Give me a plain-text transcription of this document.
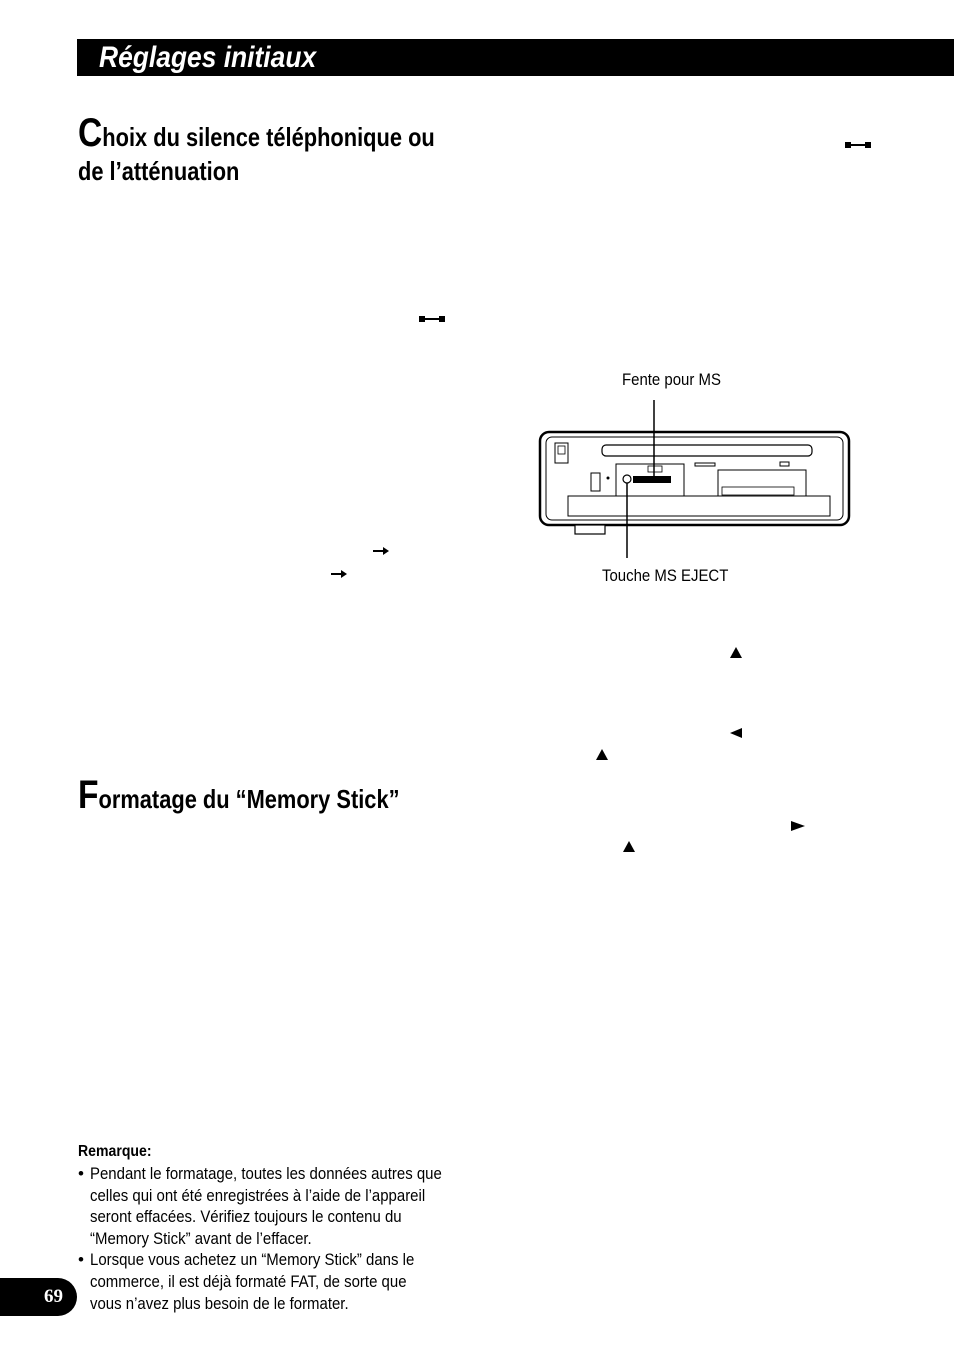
Réglages initiaux
Choix du silence téléphonique ou
de l’atténuation
Formatage du “Memory Stick”
Fente pour MS
Touche MS EJECT
Remarque:
• Pendant le formatage, toutes les données autres que celles qui ont été enregistrées à l’aide de l’appareil seront effacées. Vérifiez toujours le contenu du “Memory Stick” avant de l’effacer.
• Lorsque vous achetez un “Memory Stick” dans le commerce, il est déjà formaté FAT, de sorte que vous n’avez plus besoin de le formater.
69
